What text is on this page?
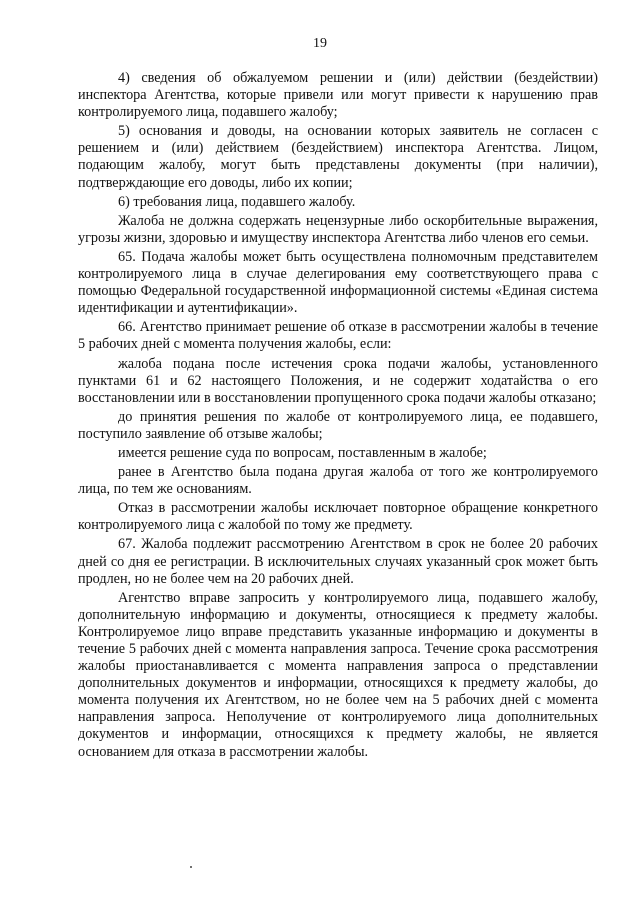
19

4) сведения об обжалуемом решении и (или) действии (бездействии) инспектора Агентства, которые привели или могут привести к нарушению прав контролируемого лица, подавшего жалобу;

5) основания и доводы, на основании которых заявитель не согласен с решением и (или) действием (бездействием) инспектора Агентства. Лицом, подающим жалобу, могут быть представлены документы (при наличии), подтверждающие его доводы, либо их копии;

6) требования лица, подавшего жалобу.

Жалоба не должна содержать нецензурные либо оскорбительные выражения, угрозы жизни, здоровью и имуществу инспектора Агентства либо членов его семьи.

65. Подача жалобы может быть осуществлена полномочным представителем контролируемого лица в случае делегирования ему соответствующего права с помощью Федеральной государственной информационной системы «Единая система идентификации и аутентификации».

66. Агентство принимает решение об отказе в рассмотрении жалобы в течение 5 рабочих дней с момента получения жалобы, если:

жалоба подана после истечения срока подачи жалобы, установленного пунктами 61 и 62 настоящего Положения, и не содержит ходатайства о его восстановлении или в восстановлении пропущенного срока подачи жалобы отказано;

до принятия решения по жалобе от контролируемого лица, ее подавшего, поступило заявление об отзыве жалобы;

имеется решение суда по вопросам, поставленным в жалобе;

ранее в Агентство была подана другая жалоба от того же контролируемого лица, по тем же основаниям.

Отказ в рассмотрении жалобы исключает повторное обращение конкретного контролируемого лица с жалобой по тому же предмету.

67. Жалоба подлежит рассмотрению Агентством в срок не более 20 рабочих дней со дня ее регистрации. В исключительных случаях указанный срок может быть продлен, но не более чем на 20 рабочих дней.

Агентство вправе запросить у контролируемого лица, подавшего жалобу, дополнительную информацию и документы, относящиеся к предмету жалобы. Контролируемое лицо вправе представить указанные информацию и документы в течение 5 рабочих дней с момента направления запроса. Течение срока рассмотрения жалобы приостанавливается с момента направления запроса о представлении дополнительных документов и информации, относящихся к предмету жалобы, до момента получения их Агентством, но не более чем на 5 рабочих дней с момента направления запроса. Неполучение от контролируемого лица дополнительных документов и информации, относящихся к предмету жалобы, не является основанием для отказа в рассмотрении жалобы.
